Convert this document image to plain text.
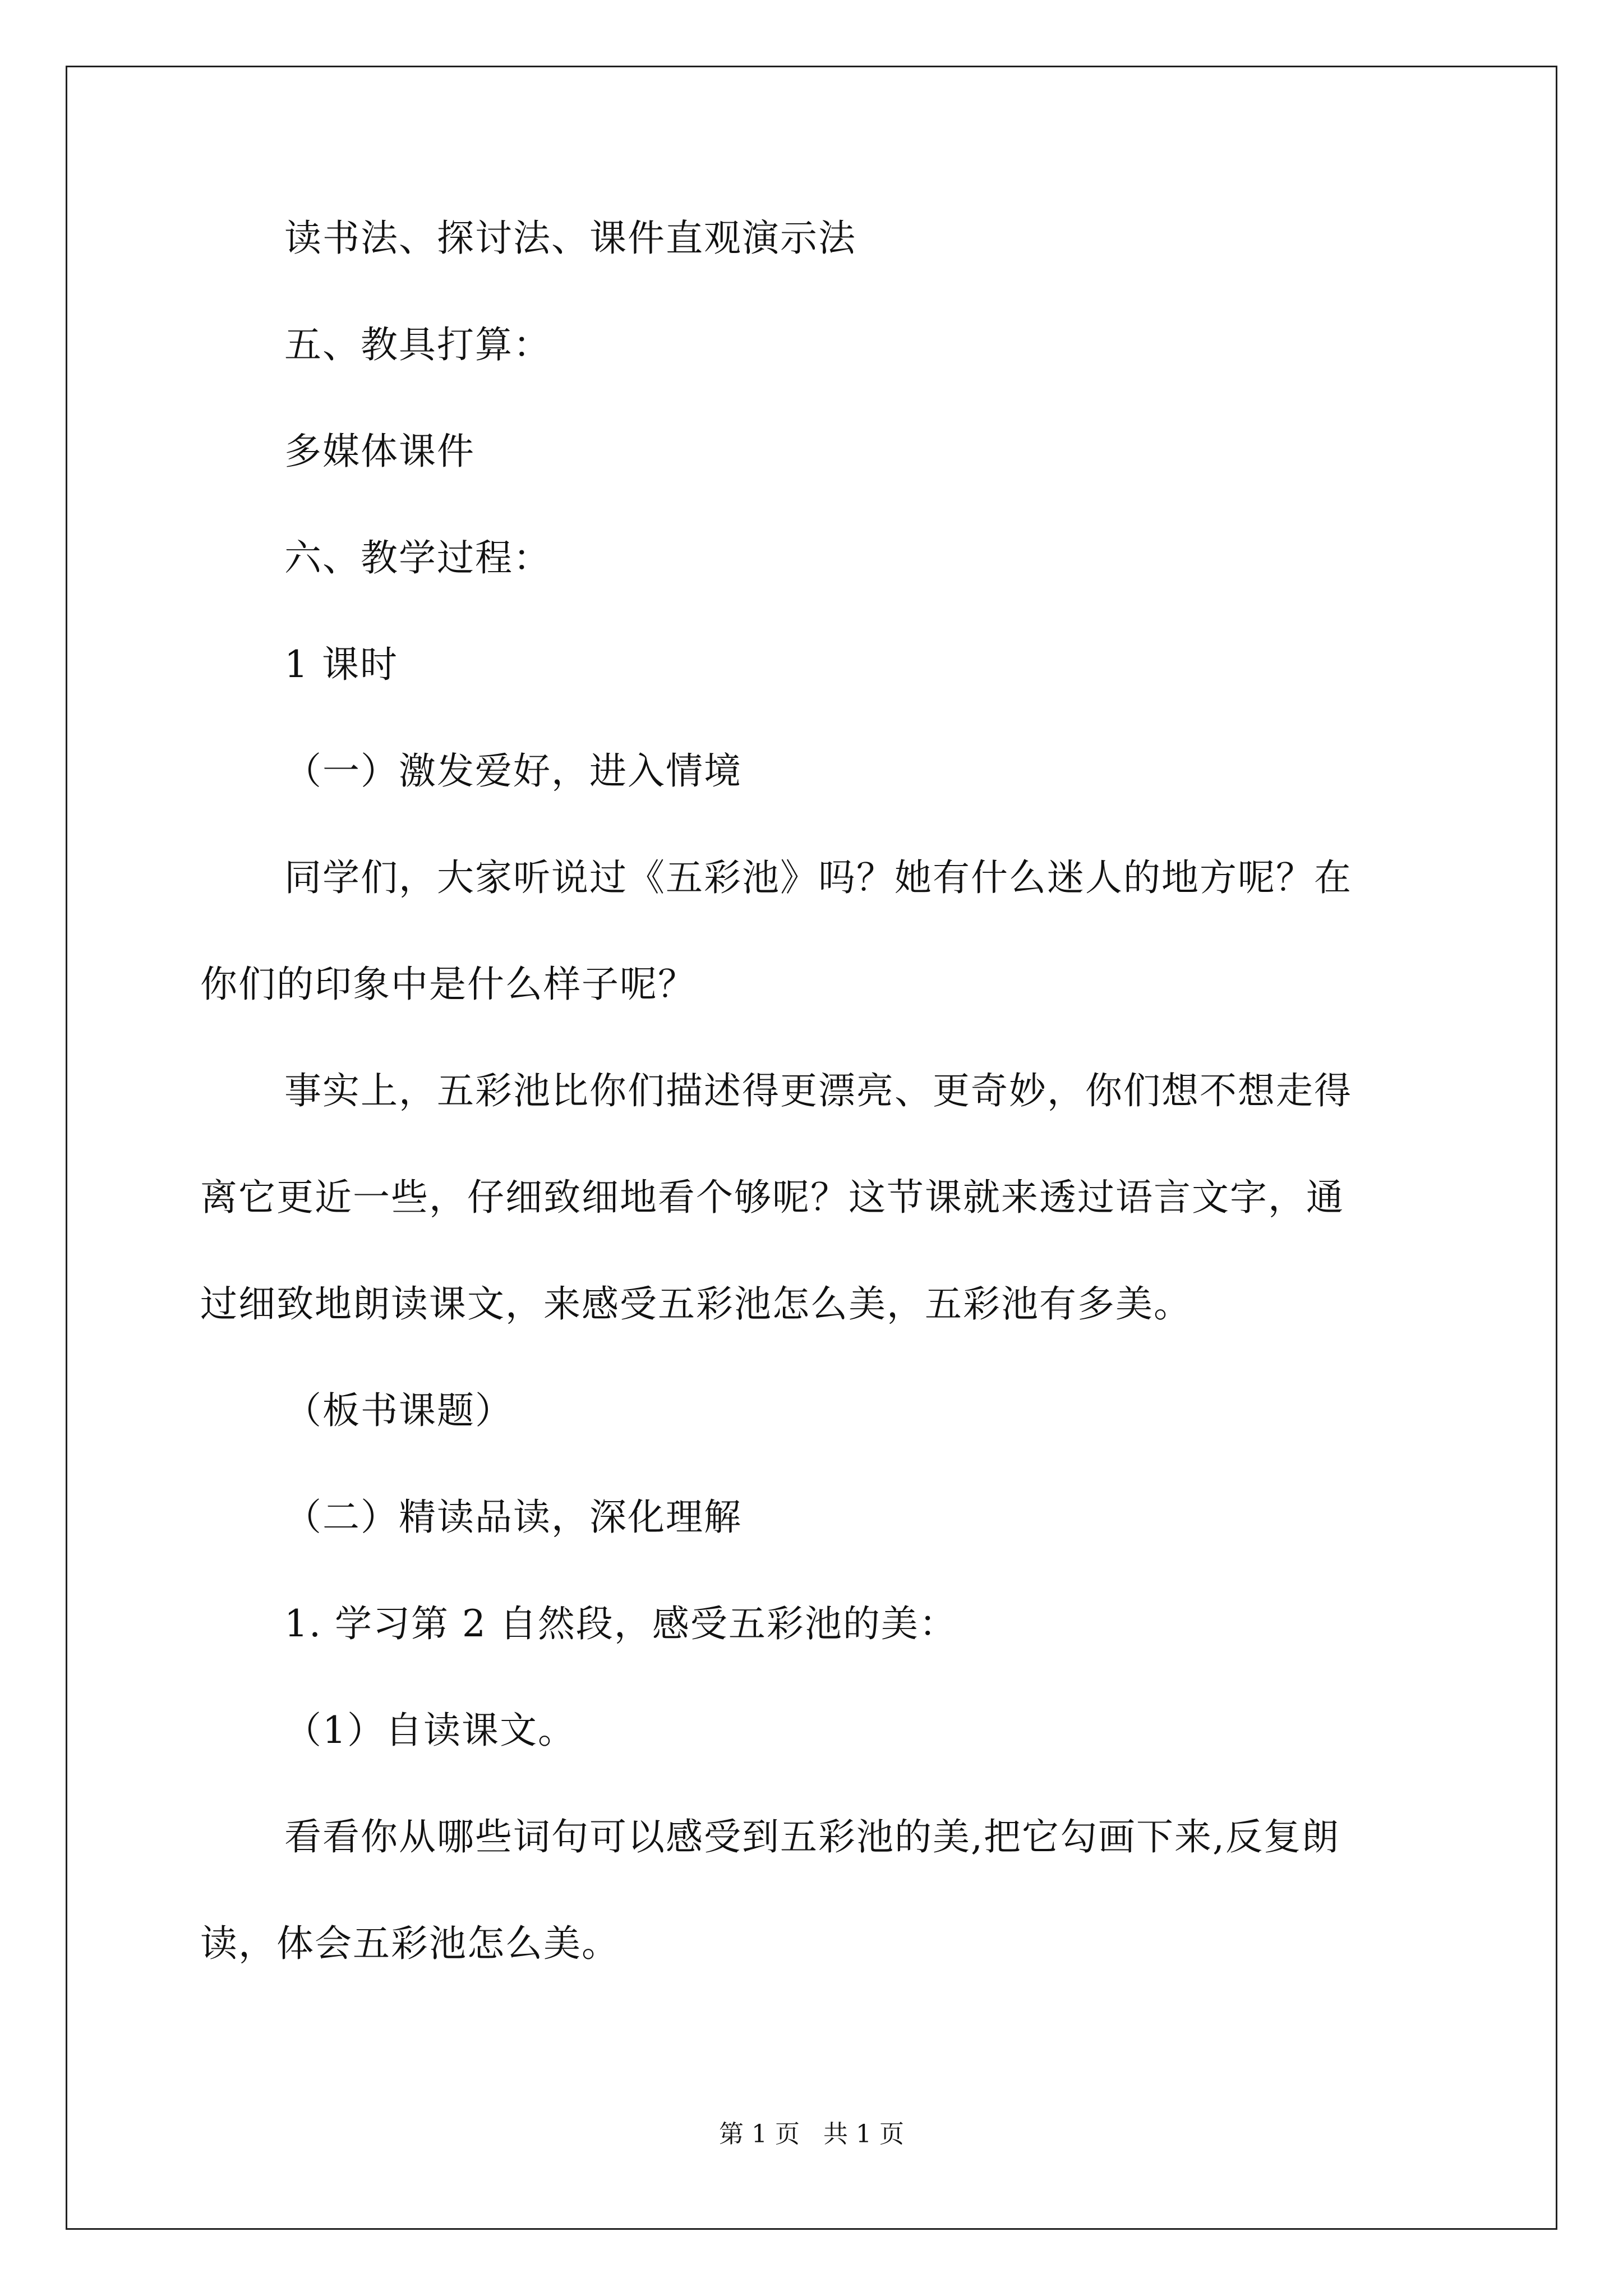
读书法、探讨法、课件直观演示法
五、教具打算：
多媒体课件
六、教学过程：
1 课时
（一）激发爱好，进入情境
同学们，大家听说过《五彩池》吗？她有什么迷人的地方呢？在
你们的印象中是什么样子呢？
事实上，五彩池比你们描述得更漂亮、更奇妙，你们想不想走得
离它更近一些，仔细致细地看个够呢？这节课就来透过语言文字，通
过细致地朗读课文，来感受五彩池怎么美，五彩池有多美。
（板书课题）
（二）精读品读，深化理解
1. 学习第 2 自然段，感受五彩池的美：
（1）自读课文。
看看你从哪些词句可以感受到五彩池的美,把它勾画下来,反复朗
读，体会五彩池怎么美。
第 1 页   共 1 页
